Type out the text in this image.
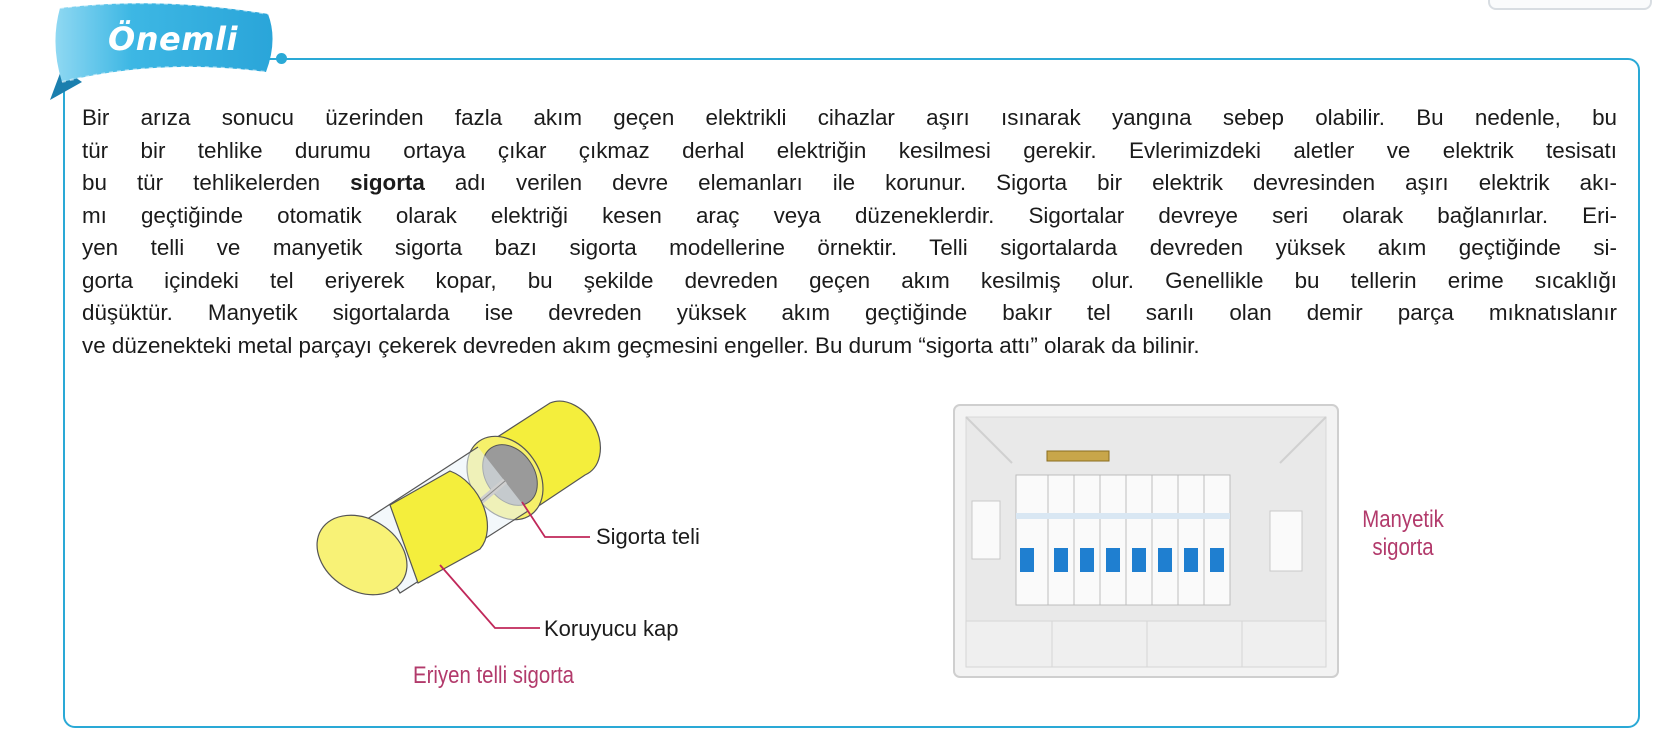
Önemli

Bir arıza sonucu üzerinden fazla akım geçen elektrikli cihazlar aşırı ısınarak yangına sebep olabilir. Bu nedenle, bu
tür bir tehlike durumu ortaya çıkar çıkmaz derhal elektriğin kesilmesi gerekir. Evlerimizdeki aletler ve elektrik tesisatı
bu tür tehlikelerden sigorta adı verilen devre elemanları ile korunur. Sigorta bir elektrik devresinden aşırı elektrik akı-
mı geçtiğinde otomatik olarak elektriği kesen araç veya düzeneklerdir. Sigortalar devreye seri olarak bağlanırlar. Eri-
yen telli ve manyetik sigorta bazı sigorta modellerine örnektir. Telli sigortalarda devreden yüksek akım geçtiğinde si-
gorta içindeki tel eriyerek kopar, bu şekilde devreden geçen akım kesilmiş olur. Genellikle bu tellerin erime sıcaklığı
düşüktür. Manyetik sigortalarda ise devreden yüksek akım geçtiğinde bakır tel sarılı olan demir parça mıknatıslanır
ve düzenekteki metal parçayı çekerek devreden akım geçmesini engeller. Bu durum “sigorta attı” olarak da bilinir.

Sigorta teli
Koruyucu kap
Eriyen telli sigorta
Manyetik
sigorta
